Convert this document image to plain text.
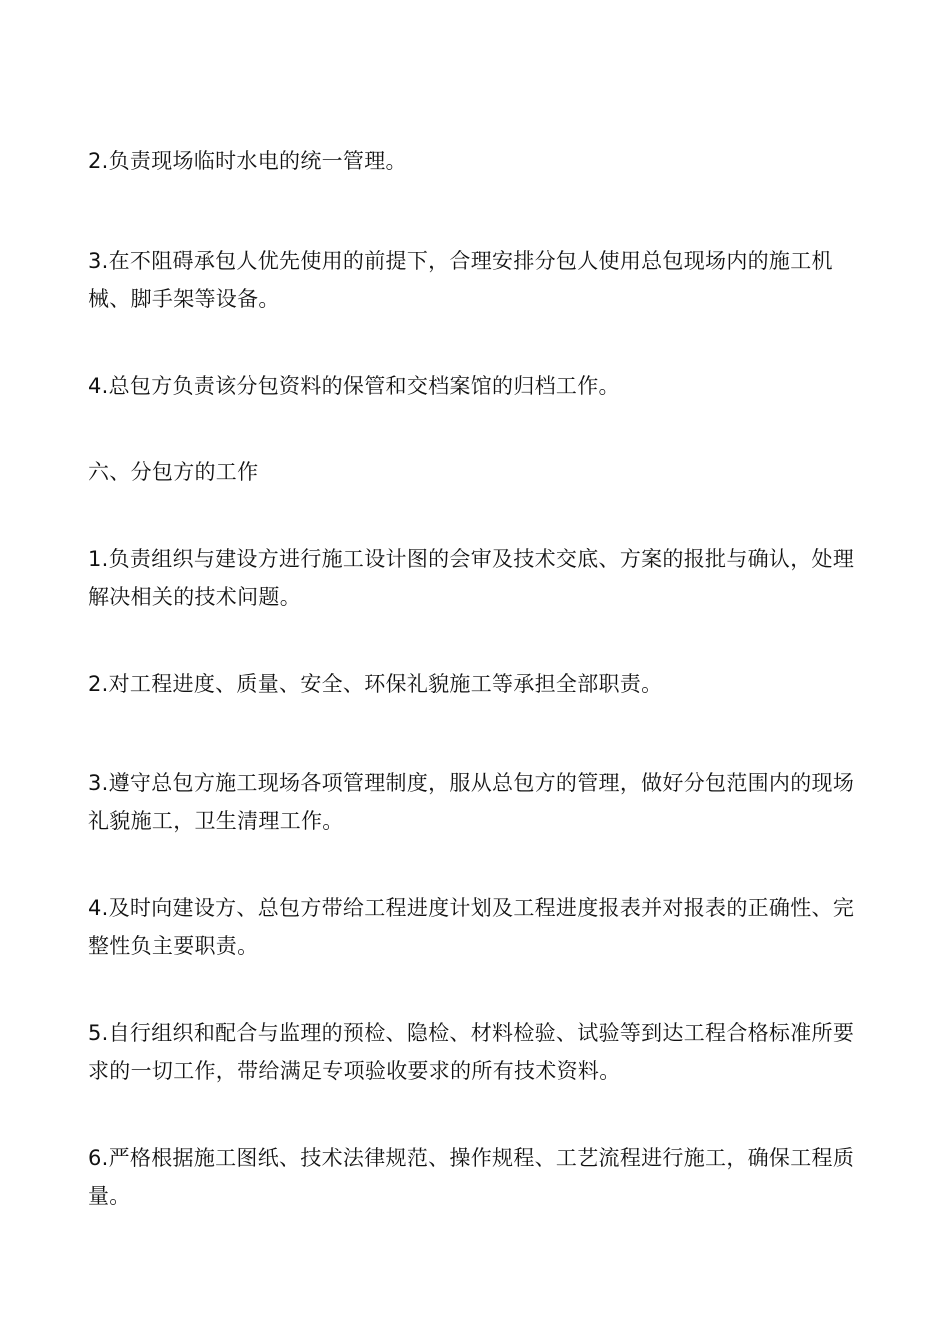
2.负责现场临时水电的统一管理。

3.在不阻碍承包人优先使用的前提下，合理安排分包人使用总包现场内的施工机械、脚手架等设备。

4.总包方负责该分包资料的保管和交档案馆的归档工作。

六、分包方的工作

1.负责组织与建设方进行施工设计图的会审及技术交底、方案的报批与确认，处理解决相关的技术问题。

2.对工程进度、质量、安全、环保礼貌施工等承担全部职责。

3.遵守总包方施工现场各项管理制度，服从总包方的管理，做好分包范围内的现场礼貌施工，卫生清理工作。

4.及时向建设方、总包方带给工程进度计划及工程进度报表并对报表的正确性、完整性负主要职责。

5.自行组织和配合与监理的预检、隐检、材料检验、试验等到达工程合格标准所要求的一切工作，带给满足专项验收要求的所有技术资料。

6.严格根据施工图纸、技术法律规范、操作规程、工艺流程进行施工，确保工程质量。
